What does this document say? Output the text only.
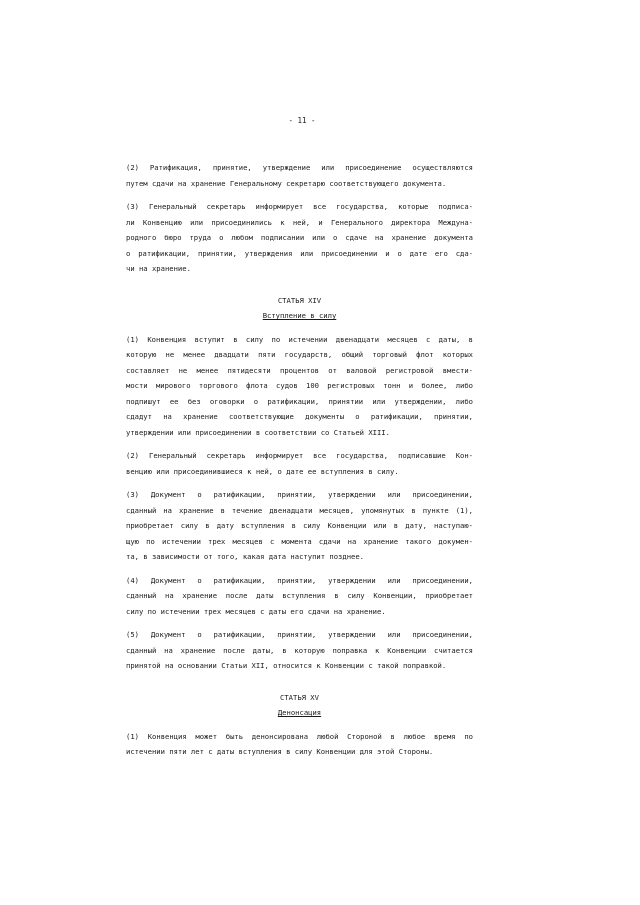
- 11 -

(2) Ратификация, принятие, утверждение или присоединение осуществляются
путем сдачи на хранение Генеральному секретарю соответствующего документа.

(3) Генеральный секретарь информирует все государства, которые подписа-
ли Конвенцию или присоединились к ней, и Генерального директора Междуна-
родного бюро труда о любом подписании или о сдаче на хранение документа
о ратификации, принятии, утверждения или присоединении и о дате его сда-
чи на хранение.

СТАТЬЯ XIV
Вступление в силу

(1) Конвенция вступит в силу по истечении двенадцати месяцев с даты, в
которую не менее двадцати пяти государств, общий торговый флот которых
составляет не менее пятидесяти процентов от валовой регистровой вмести-
мости мирового торгового флота судов 100 регистровых тонн и более, либо
подпишут ее без оговорки о ратификации, принятии или утверждении, либо
сдадут на хранение соответствующие документы о ратификации, принятии,
утверждении или присоединении в соответствии со Статьей XIII.

(2) Генеральный секретарь информирует все государства, подписавшие Кон-
венцию или присоединившиеся к ней, о дате ее вступления в силу.

(3) Документ о ратификации, принятии, утверждении или присоединении,
сданный на хранение в течение двенадцати месяцев, упомянутых в пункте (1),
приобретает силу в дату вступления в силу Конвенции или в дату, наступаю-
щую по истечении трех месяцев с момента сдачи на хранение такого докумен-
та, в зависимости от того, какая дата наступит позднее.

(4) Документ о ратификации, принятии, утверждении или присоединении,
сданный на хранение после даты вступления в силу Конвенции, приобретает
силу по истечении трех месяцев с даты его сдачи на хранение.

(5) Документ о ратификации, принятии, утверждении или присоединении,
сданный на хранение после даты, в которую поправка к Конвенции считается
принятой на основании Статьи XII, относится к Конвенции с такой поправкой.

СТАТЬЯ XV
Денонсация

(1) Конвенция может быть денонсирована любой Стороной в любое время по
истечении пяти лет с даты вступления в силу Конвенции для этой Стороны.
